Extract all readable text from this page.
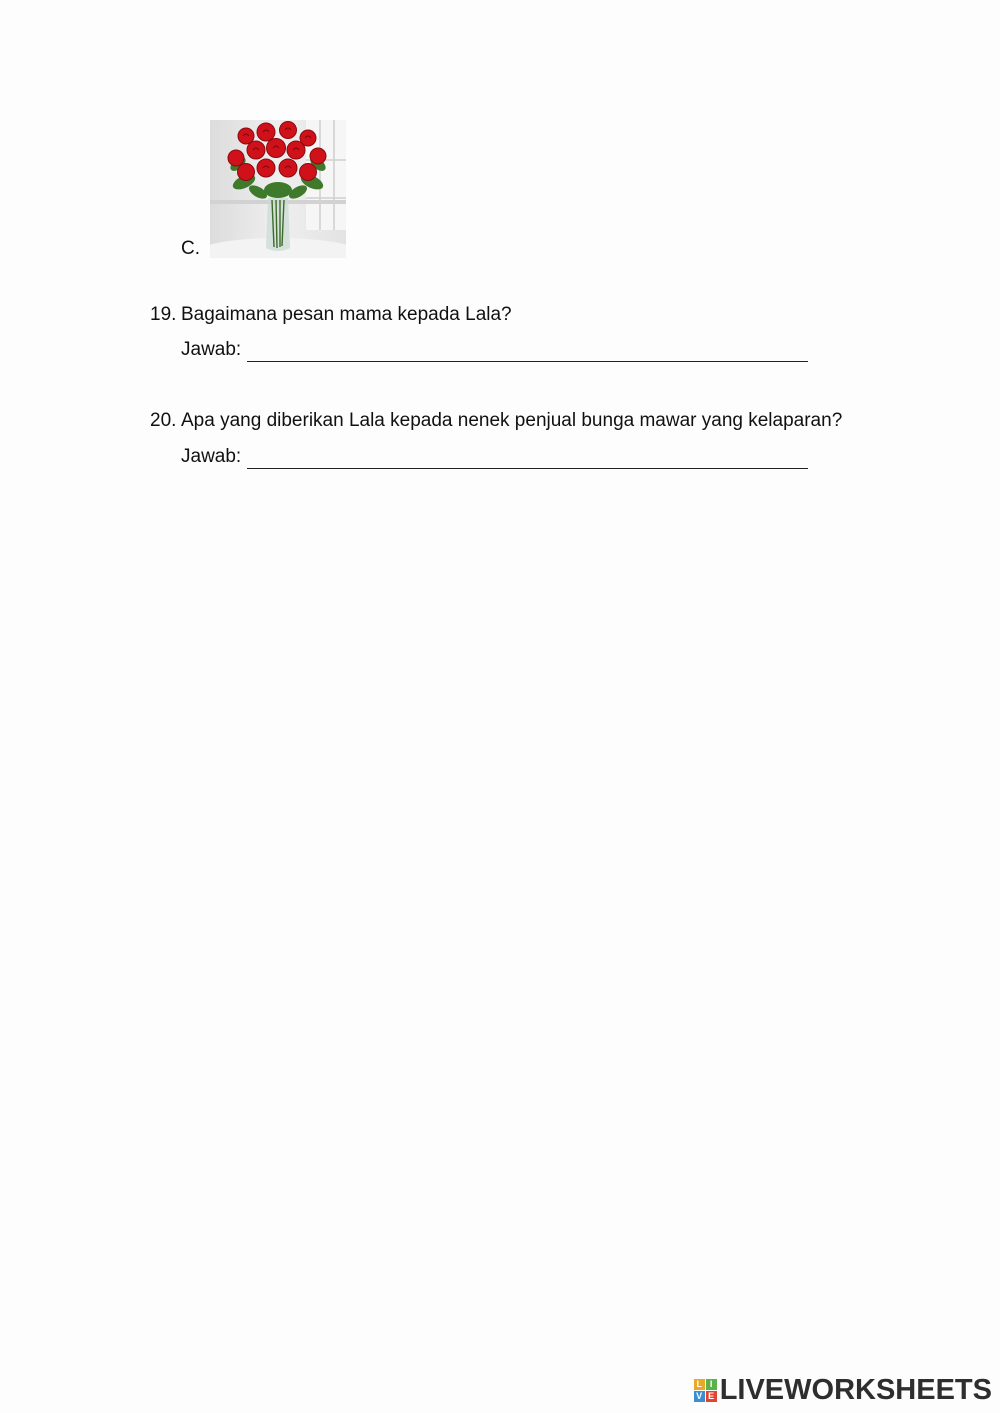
C.
19. Bagaimana pesan mama kepada Lala?
Jawab:
20. Apa yang diberikan Lala kepada nenek penjual bunga mawar yang kelaparan?
Jawab:
L I
V E LIVEWORKSHEETS
